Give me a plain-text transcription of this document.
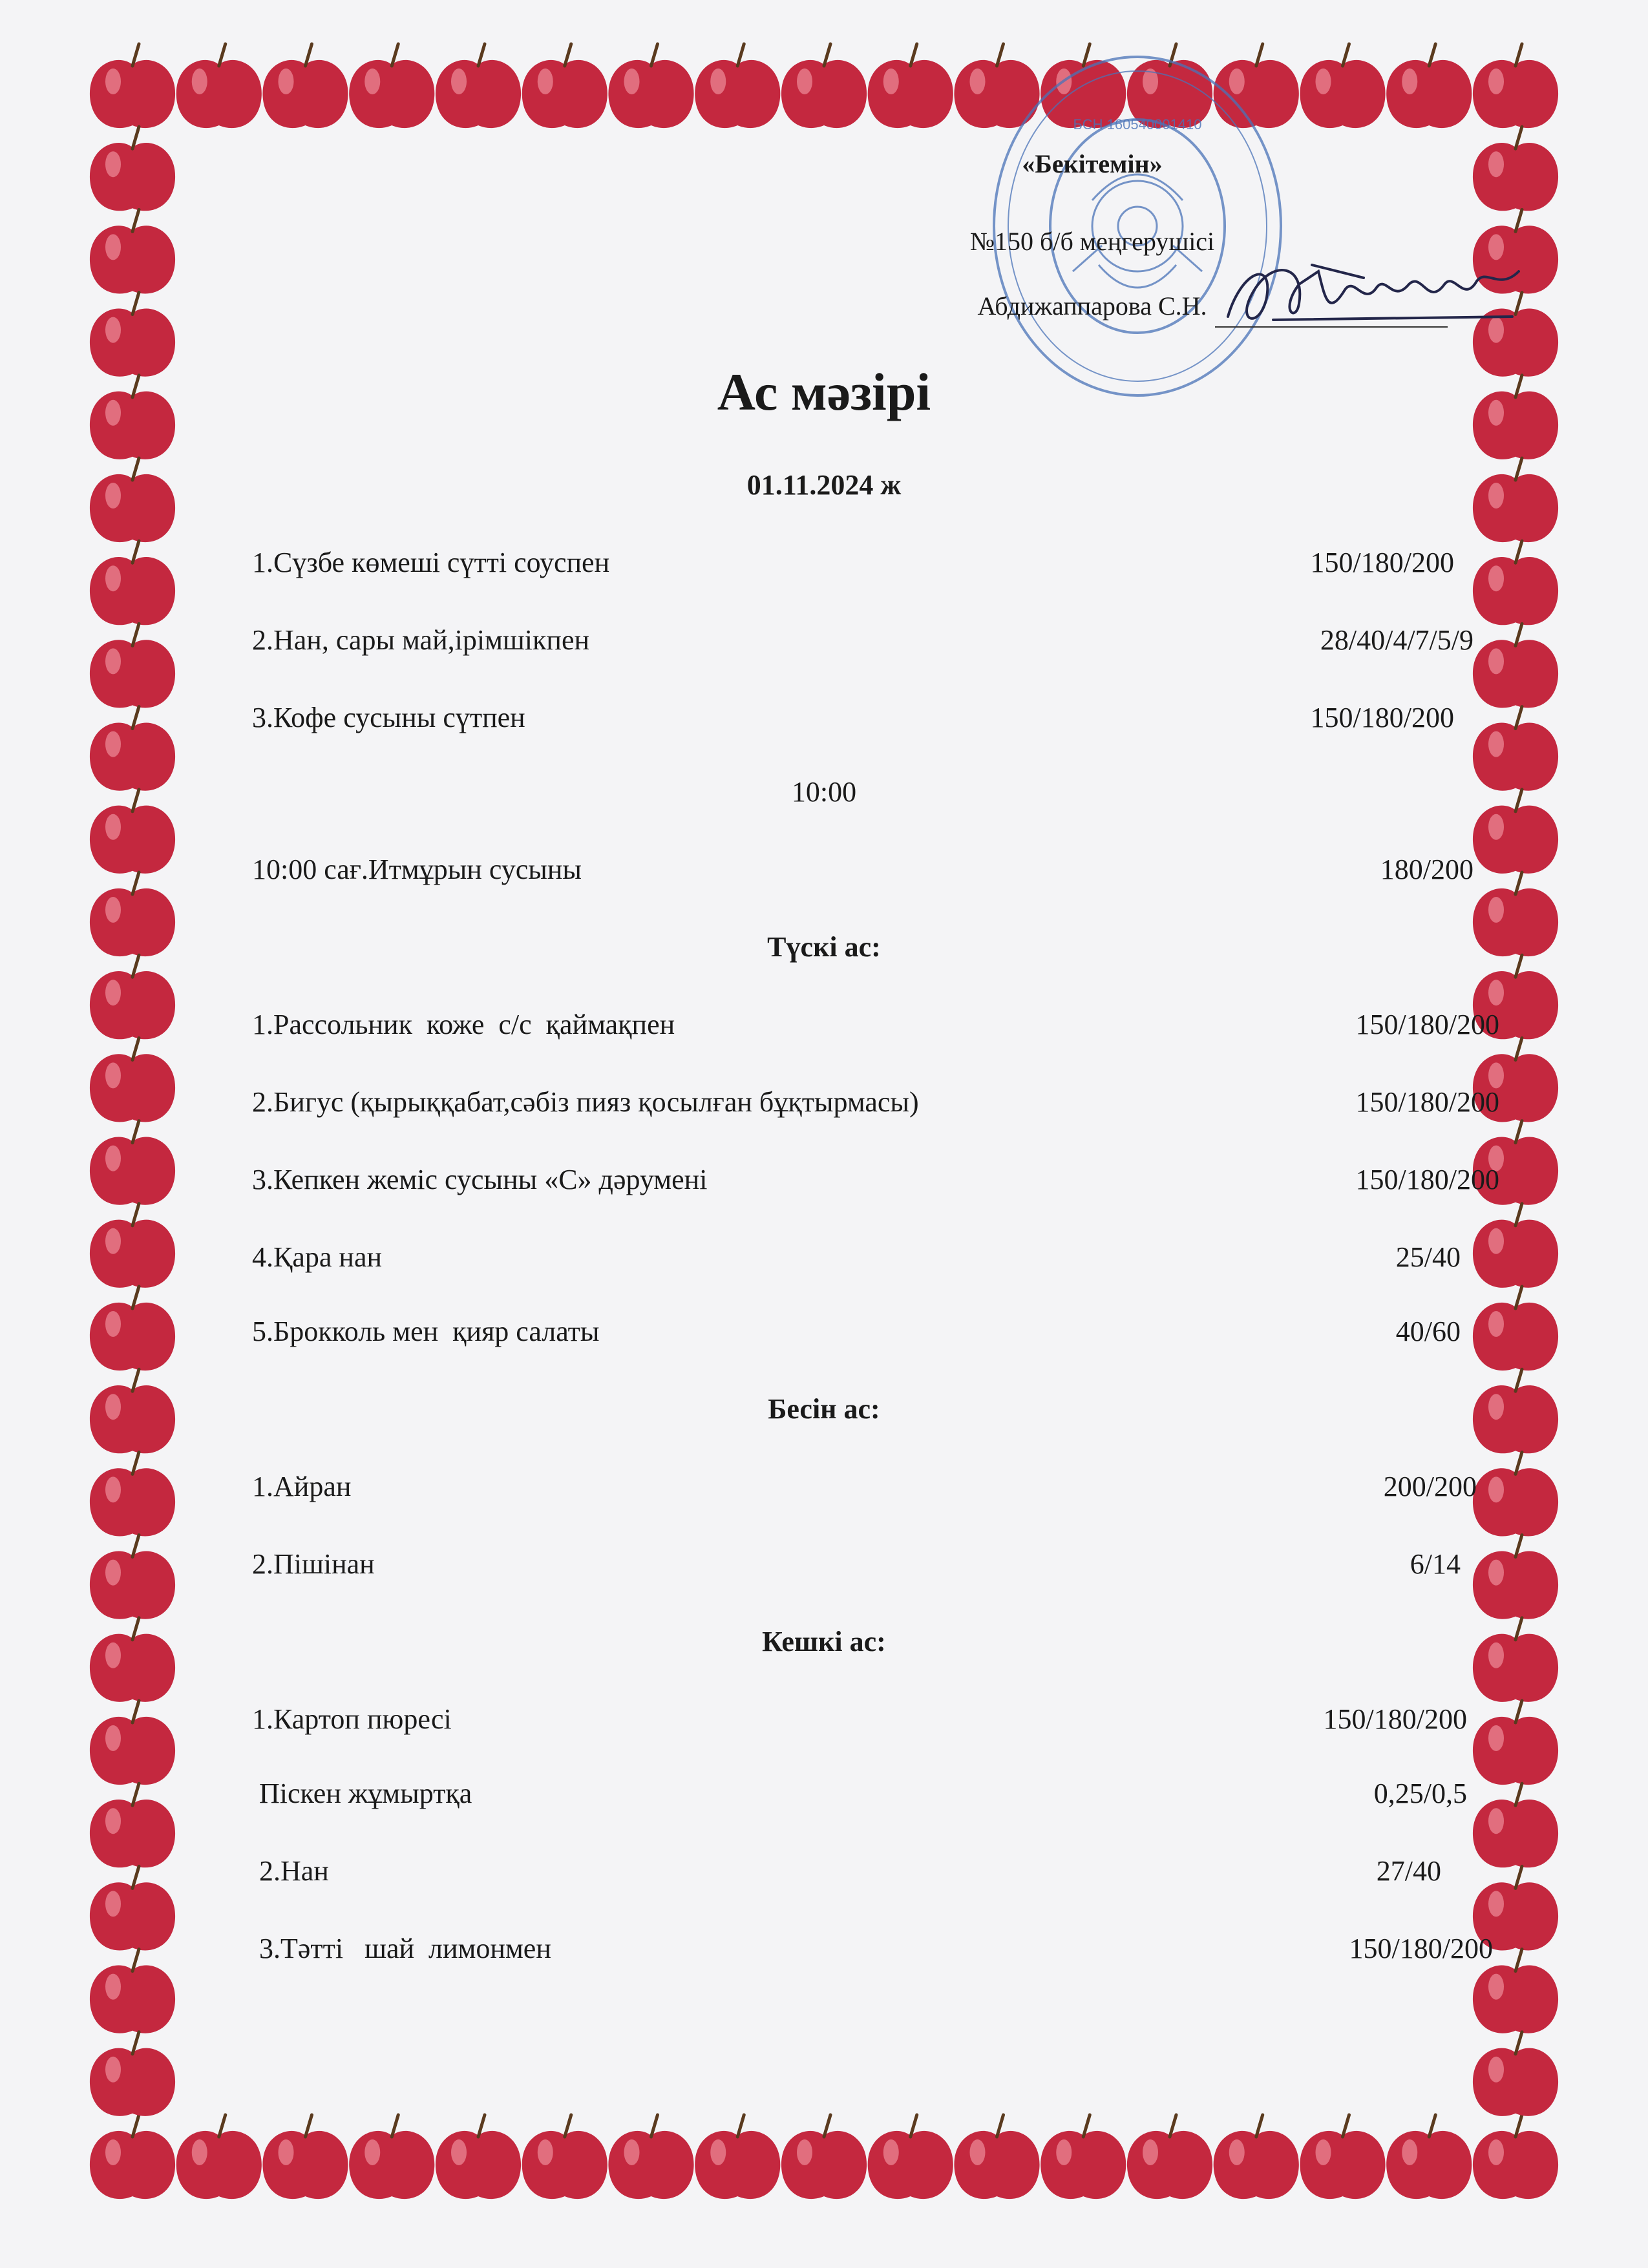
БСН 160540001410
«Бекітемін»
№150 б/б меңгерушісі
Абдижаппарова С.Н.
Ас мәзірі
01.11.2024 ж
1.Сүзбе көмеші сүтті соуспен	150/180/200
2.Нан, сары май,ірімшікпен	28/40/4/7/5/9
3.Кофе сусыны сүтпен	150/180/200
10:00
10:00 сағ.Итмұрын сусыны	180/200
Түскі ас:
1.Рассольник  коже  с/с  қаймақпен	150/180/200
2.Бигус (қырыққабат,сәбіз пияз қосылған бұқтырмасы)	150/180/200
3.Кепкен жеміс сусыны «С» дәрумені	150/180/200
4.Қара нан	25/40
5.Брокколь мен  қияр салаты	40/60
Бесін ас:
1.Айран	200/200
2.Пішінан	6/14
Кешкі ас:
1.Картоп пюресі	150/180/200
Піскен жұмыртқа	0,25/0,5
2.Нан	27/40
3.Тәтті   шай  лимонмен	150/180/200
